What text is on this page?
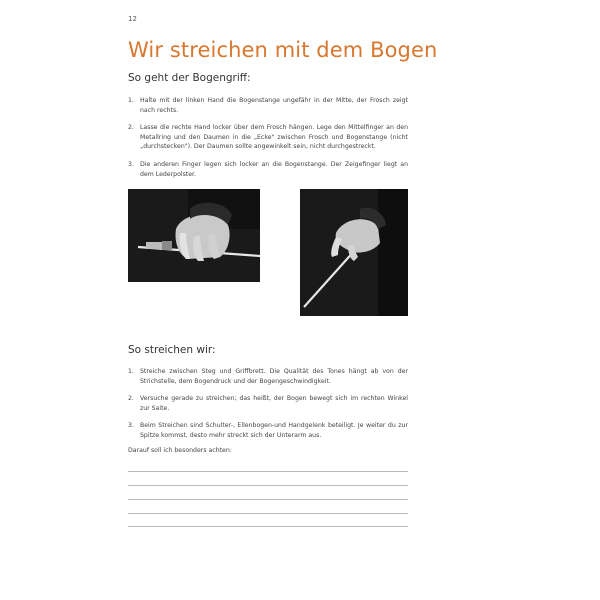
12
Wir streichen mit dem Bogen
So geht der Bogengriff:
1. Halte mit der linken Hand die Bogenstange ungefähr in der Mitte, der Frosch zeigt nach rechts.
2. Lasse die rechte Hand locker über dem Frosch hängen. Lege den Mittelfinger an den Metallring und den Daumen in die „Ecke" zwischen Frosch und Bogenstange (nicht „durchstecken"). Der Daumen sollte angewinkelt sein, nicht durchgestreckt.
3. Die anderen Finger legen sich locker an die Bogenstange. Der Zeigefinger liegt an dem Lederpolster.
So streichen wir:
1. Streiche zwischen Steg und Griffbrett. Die Qualität des Tones hängt ab von der Strichstelle, dem Bogendruck und der Bogengeschwindigkeit.
2. Versuche gerade zu streichen; das heißt, der Bogen bewegt sich im rechten Winkel zur Saite.
3. Beim Streichen sind Schulter-, Ellenbogen-und Handgelenk beteiligt. Je weiter du zur Spitze kommst, desto mehr streckt sich der Unterarm aus.
Darauf soll ich besonders achten:
